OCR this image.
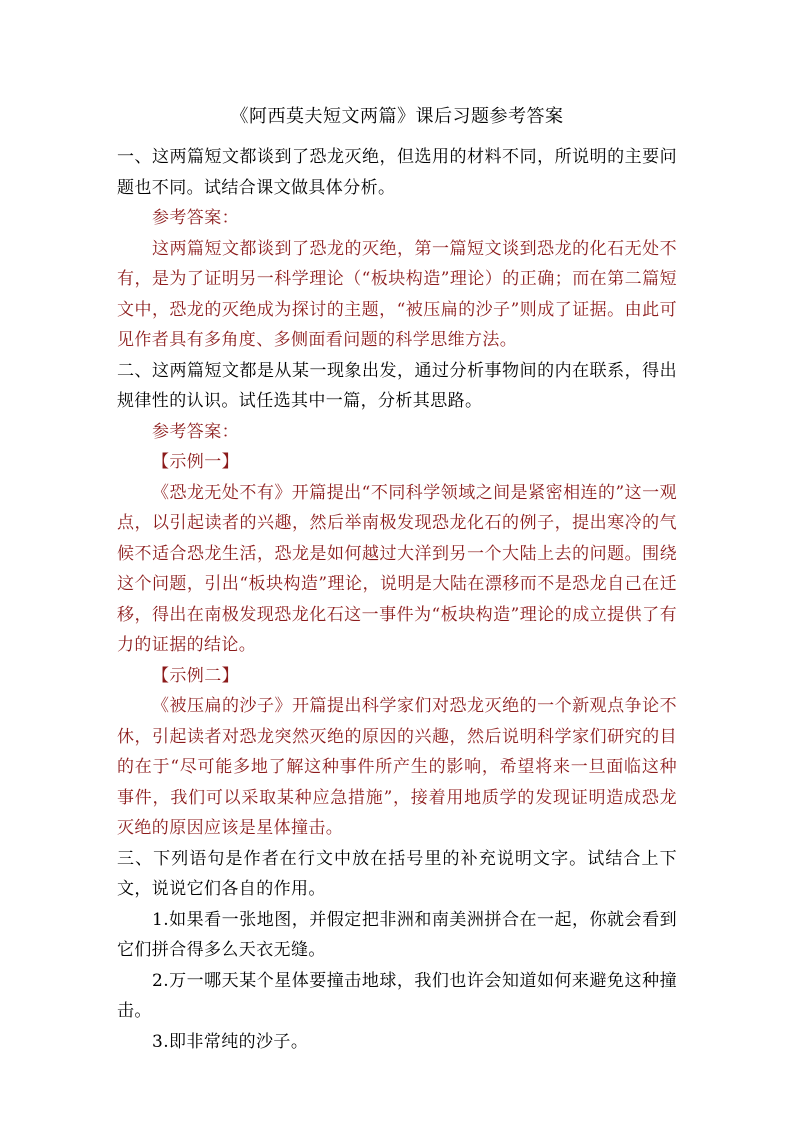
《阿西莫夫短文两篇》课后习题参考答案

一、这两篇短文都谈到了恐龙灭绝，但选用的材料不同，所说明的主要问题也不同。试结合课文做具体分析。

参考答案：

这两篇短文都谈到了恐龙的灭绝，第一篇短文谈到恐龙的化石无处不有，是为了证明另一科学理论（“板块构造”理论）的正确；而在第二篇短文中，恐龙的灭绝成为探讨的主题，“被压扁的沙子”则成了证据。由此可见作者具有多角度、多侧面看问题的科学思维方法。

二、这两篇短文都是从某一现象出发，通过分析事物间的内在联系，得出规律性的认识。试任选其中一篇，分析其思路。

参考答案：

【示例一】

《恐龙无处不有》开篇提出“不同科学领域之间是紧密相连的”这一观点，以引起读者的兴趣，然后举南极发现恐龙化石的例子，提出寒冷的气候不适合恐龙生活，恐龙是如何越过大洋到另一个大陆上去的问题。围绕这个问题，引出“板块构造”理论，说明是大陆在漂移而不是恐龙自己在迁移，得出在南极发现恐龙化石这一事件为“板块构造”理论的成立提供了有力的证据的结论。

【示例二】

《被压扁的沙子》开篇提出科学家们对恐龙灭绝的一个新观点争论不休，引起读者对恐龙突然灭绝的原因的兴趣，然后说明科学家们研究的目的在于“尽可能多地了解这种事件所产生的影响，希望将来一旦面临这种事件，我们可以采取某种应急措施”，接着用地质学的发现证明造成恐龙灭绝的原因应该是星体撞击。

三、下列语句是作者在行文中放在括号里的补充说明文字。试结合上下文，说说它们各自的作用。

1.如果看一张地图，并假定把非洲和南美洲拼合在一起，你就会看到它们拼合得多么天衣无缝。

2.万一哪天某个星体要撞击地球，我们也许会知道如何来避免这种撞击。

3.即非常纯的沙子。
